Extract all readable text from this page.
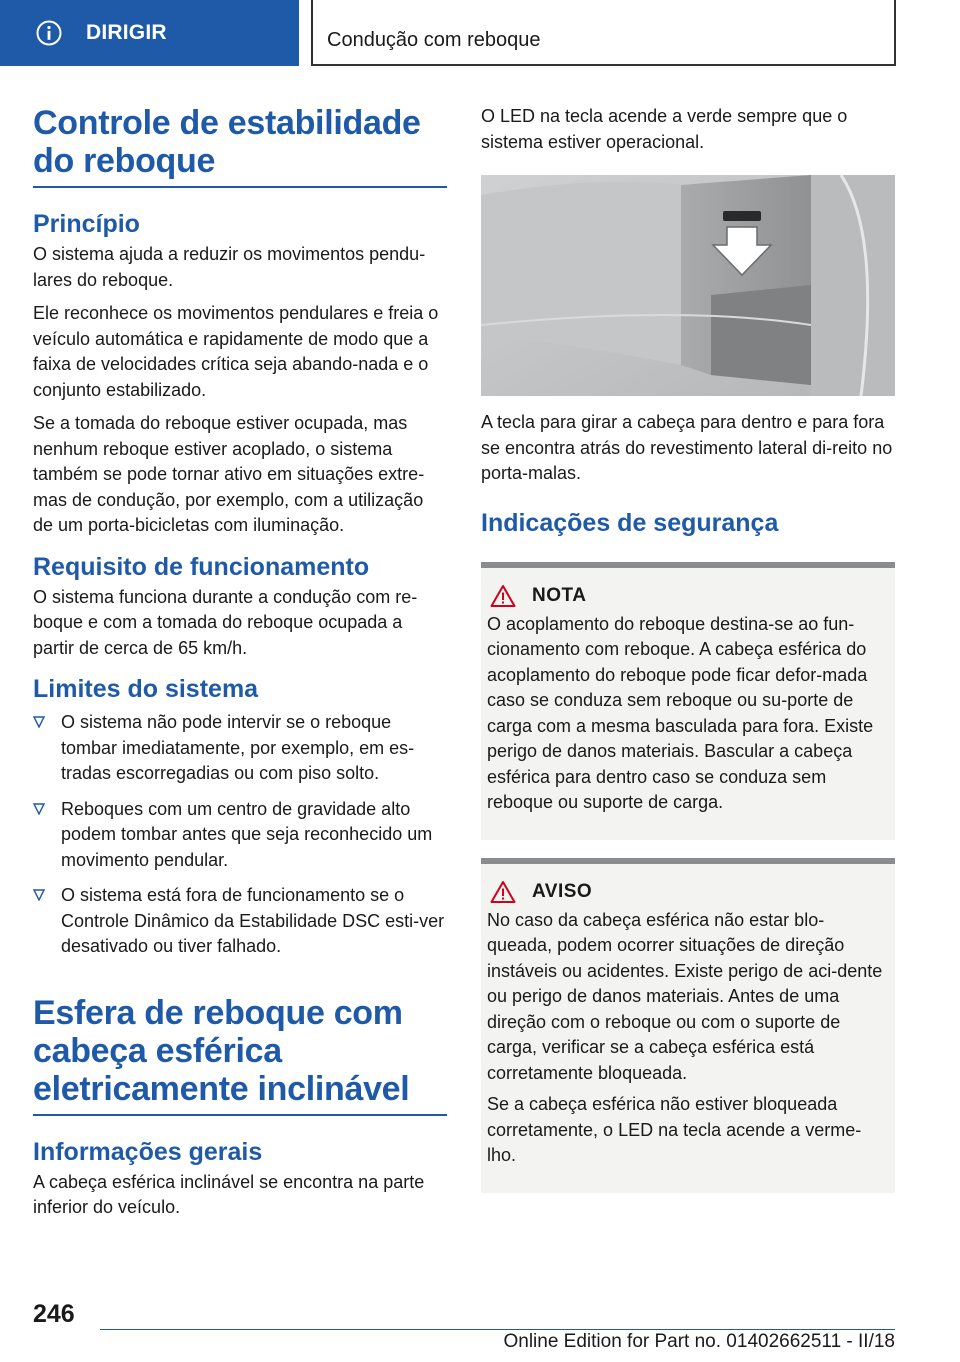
DIRIGIR	Condução com reboque
Controle de estabilidade do reboque
Princípio

O sistema ajuda a reduzir os movimentos pendu-lares do reboque.

Ele reconhece os movimentos pendulares e freia o veículo automática e rapidamente de modo que a faixa de velocidades crítica seja abando-nada e o conjunto estabilizado.

Se a tomada do reboque estiver ocupada, mas nenhum reboque estiver acoplado, o sistema também se pode tornar ativo em situações extre-mas de condução, por exemplo, com a utilização de um porta-bicicletas com iluminação.

Requisito de funcionamento

O sistema funciona durante a condução com re-boque e com a tomada do reboque ocupada a partir de cerca de 65 km/h.

Limites do sistema
O sistema não pode intervir se o reboque tombar imediatamente, por exemplo, em es-tradas escorregadias ou com piso solto.
Reboques com um centro de gravidade alto podem tombar antes que seja reconhecido um movimento pendular.
O sistema está fora de funcionamento se o Controle Dinâmico da Estabilidade DSC esti-ver desativado ou tiver falhado.
Esfera de reboque com cabeça esférica eletricamente inclinável
Informações gerais

A cabeça esférica inclinável se encontra na parte inferior do veículo.

O LED na tecla acende a verde sempre que o sistema estiver operacional.

A tecla para girar a cabeça para dentro e para fora se encontra atrás do revestimento lateral di-reito no porta-malas.

Indicações de segurança
NOTA

O acoplamento do reboque destina-se ao fun-cionamento com reboque. A cabeça esférica do acoplamento do reboque pode ficar defor-mada caso se conduza sem reboque ou su-porte de carga com a mesma basculada para fora. Existe perigo de danos materiais. Bascular a cabeça esférica para dentro caso se conduza sem reboque ou suporte de carga.

AVISO

No caso da cabeça esférica não estar blo-queada, podem ocorrer situações de direção instáveis ou acidentes. Existe perigo de aci-dente ou perigo de danos materiais. Antes de uma direção com o reboque ou com o suporte de carga, verificar se a cabeça esférica está corretamente bloqueada.

Se a cabeça esférica não estiver bloqueada corretamente, o LED na tecla acende a verme-lho.

246
Online Edition for Part no. 01402662511 - II/18
